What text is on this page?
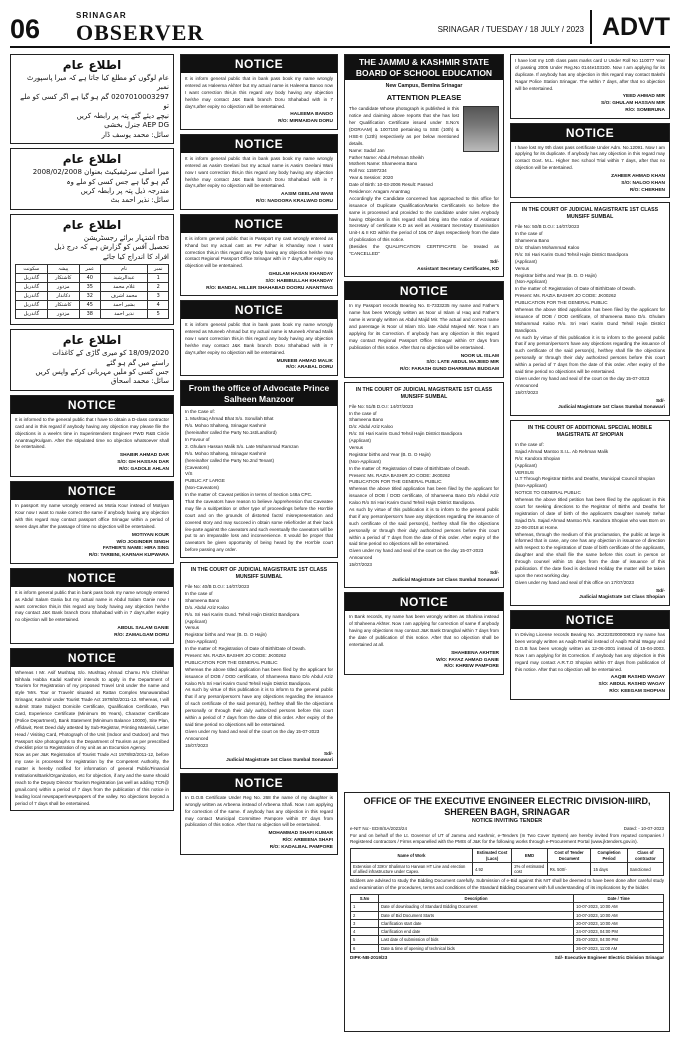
06	SRINAGAR
OBSERVER	SRINAGAR / TUESDAY / 18 JULY / 2023 ADVT
اطلاع عام
عام لوگوں کو مطلع کیا جاتا ہے کہ میرا پاسپورٹ نمبر
0207010003297 گم ہو گیا ہے اگر کسی کو ملے تو
نیچے دیئے گئے پتہ پر رابطہ کریں
AEP DG جنرل بخشی
سائل: محمد یوسف ڈار
اطلاع عام
میرا اصلی سرٹیفیکیٹ بعنوان 2008/02/2008
گم ہو گیا ہے جس کسی کو ملے وہ
مندرجہ ذیل پتہ پر رابطہ کریں
سائل: نذیر احمد بٹ
اطلاع عام
rba اشتہار برائے رجسٹریشن
تحصیل آفس کو گزارش ہے کہ درج ذیل
افراد کا اندراج کیا جائے
نمبر	نام	عمر	پیشہ	سکونت
1	عبدالرشید	40	کاشتکار	گاندربل
2	غلام محمد	35	مزدور	گاندربل
3	محمد اشرف	32	دکاندار	گاندربل
4	بشیر احمد	45	کاشتکار	گاندربل
5	نذیر احمد	38	مزدور	گاندربل
اطلاع عام
18/09/2020 کو میری گاڑی کے کاغذات
راستے میں گم ہو گئے
جس کسی کو ملیں مہربانی کرکے واپس کریں
سائل: محمد اسحاق
NOTICE
It is informed to the general public that I have to obtain a D-class contractor card and in this regard if anybody having any objection may please file the objections in a week's time in Superintendent Engineer PWD R&B Circle Anantnag/Kulgam. After the stipulated time no objection whatsoever shall be entertained.
SHABIR AHMAD DAR
S/O: GH HASSAN DAR
R/O: GADOLE AHLAN
NOTICE
In passport my name wrongly entered as Motia Kour instead of Motiyan Kour now I want to make correct the same if anybody having any objection with this regard may contact passport office Srinagar within a period of seven days after the passage of time no objection will be entertained.
MOTIYAN KOUR
W/O JOGINDER SINGH
FATHER'S NAME: HIRA SING
R/O: TARBINI, KARNAH KUPWARA
NOTICE
It is inform general public that in bank pass book my name wrongly entered as Abdul Salam Gania but my actual name is Abdul Salam Ganie now I want correction this,in this regard any body having any objection he/she may contact J&K Bank branch Doru Shahabad with in 7 day's,after expiry no objection will be entertained.
ABDUL SALAM GANIE
R/O: ZAMALGAM DORU
NOTICE
Whereas I Mr. Asif Mushtaq S/o. Mushtaq Ahmad Charnu R/o Chirkhar Bihhala Habba Kadal Kashmir intends to apply in the Department of Tourism for Registration of my proposed Travel Unit under the name and style 'Mrs. Tour or Travels' situated at Rattan Complex Munawarabad Srinagar, Kashmir under Tourist Trade Act 1978/82/2011-12. Whereas, I will submit State Subject Domicile Certificate, Qualification Certificate, Pan Card, Experience Certificate (Minimum 06 Years), Character Certificate (Police Department), Bank Statement (Minimum Balance 10000), Site Plan, Affidavit, Rent Deed duly attested by Sub-Registrar, Printing Material, Letter Head / Visiting Card, Photograph of the Unit (Indoor and Outdoor) and Two Passport size photographs to the Department of Tourism as per prescribed checklist prior to Registration of my unit as an Excursion Agency.
Now as per J&K Registration of Tourist Trade Act 1978/82/2011-12, before my case is processed for registration by the Competent Authority, the matter is hereby notified for information of general Public/Financial Institutions/Bank/Organization, etc for objection, if any and the same should reach to the Deputy Director Tourism Registration (as well as adding TCR@ gmail.com) within a period of 7 days from the publication of this notice in leading local newspaper/newspapers of the valley. No objections beyond a period of 7 days shall be entertained.
NOTICE
It is inform general public that in bank pass book my name wrongly entered as Haleema Akhter but my actual name is Haleema Banoo now I want correction this,in this regard any body having any objection he/she may contact J&K Bank branch Doru Shahabad with in 7 day's,after expiry no objection will be entertained.
HALEEMA BANOO
R/O: MIRMAIDAN DORU
NOTICE
It is inform general public that in bank pass book my name wrongly entered as Aasim Geelani but my actual name is Aasim Geelani Wani now I want correction this,in this regard any body having any objection he/she may contact J&K Bank branch Doru Shahabad with in 7 day's,after expiry no objection will be entertained.
AASIM GEELANI WANI
R/O: NADOORA KRALWAD DORU
NOTICE
It is inform general public that in Passport my cast wrongly entered as Khand but my actual cast as Per Adhar is Khanday now I want correction this,in this regard any body having any objection he/she may contact Regional Passport Office Srinagar with in 7 day's,after expiry no objection will be entertained.
GHULAM HASAN KHANDAY
S/O: HABIBULLAH KHANDAY
R/O: BANDAL HILLER SHAHABAD DOORU ANANTNAG
NOTICE
It is inform general public that in bank pass book my name wrongly entered as Muneeb Ahmad but my actual name is Muneeb Ahmad Malik now I want correction this,in this regard any body having any objection he/she may contact J&K Bank branch Doru Shahabad with in 7 day's,after expiry no objection will be entertained.
MUNEEB AHMAD MALIK
R/O: ARABAL DORU
From the office of Advocate Prince Salheen Manzoor
In the Case of:
1. Mushtaq Ahmad Bhat S/o. Sonullah Bhat
R/o. Mohoo Shalteng, Srinagar Kashmir
(hereinafter called the Party No.1st/Landlord)
In Favour of
2. Ghulam Hassan Malik S/o. Late Mohammad Ramzan
R/o. Mohoo Shalteng, Srinagar Kashmir
(hereinafter called the Party No.2nd Tenant)
(Caveators)
V/S
PUBLIC AT LARGE
(Non-Caveators)
In the matter of: Caveat petition in terms of Section 148a CPC.
That the caveators have reason to believe /apprehension that Caveatee may file a suit/petition or other type of proceedings before the Hon'ble court and on the grounds of distorted facts/ misrepresentation and covered story and may succeed in obtain some relief/order at their back /ex-parte against the caveators and such eventually the caveators will be put to an irreparable loss and inconvenience. It would be proper that caveators be given opportunity of being heard by the Hon'ble court before passing any order.
IN THE COURT OF JUDICIAL MAGISTRATE 1ST CLASS MUNSIFF SUMBAL
File No: 40/B D.O.I: 14/07/2023
In the case of
Shameena Bano
D/o. Abdul Aziz Kaloo
R/o. Sri Hari Karim Gund. Tehsil Hajin District Bandipora
(Applicant)
Versus
Registrar births and Year (B. D. O Hajin)
(Non-Applicant)
In the matter of: Registration of Date of Birth/Date of Death.
Present: Ms. RAZIA BASHIR JO CODE: JK00262
PUBLICATION FOR THE GENERAL PUBLIC
Whereas the above titled application has been filed by the applicant for issuance of DOB / DOD certificate, of Shameena Bano D/o Abdul Aziz Kaloo R/o Sri Hari Karim Gund Tehsil Hajin District Bandipora.
As such by virtue of this publication it is to inform to the general public that if any person/person's have any objections regarding the issuance of such certificate of the said person(s), he/they shall file the objections personally or through their duly authorized persons before this court within a period of 7 days from the date of this order. After expiry of the said time period no objections will be entertained.
Given under my hand and seal of the court on the day 15-07-2023
Announced
15/07/2023
Sd/-
Judicial Magistrate 1st Class Sumbal Sonawari
NOTICE
In D.O.B Certificate Under Reg No. 268 the name of my daughter is wrongly written as Arbeena instead of Arbeena Shafi. Now I am applying for correction of the same. If anybody has any objection in this regard may contact Municipal Committee Pampore within 07 days from publication of this notice. After that no objection will be entertained.
MOHAMMAD SHAFI KUMAR
R/O: ARBEENA SHAFI
R/O: KADALBAL PAMPORE
THE JAMMU & KASHMIR STATE BOARD OF SCHOOL EDUCATION
New Campus, Bemina Srinagar
ATTENTION PLEASE
The candidate Whose photograph is published in this notice and claiming above reports that she has lost her Qualification Certificate issued under S.No's (DGRAAM) & 1007150 pertaining to SSE (10th) & HSE-II (12th) respectively as per below mentioned details.
Name: Sadaf Jan
Father Name: Abdul Rehman Sheikh
Mothers Name: Shameema Bano
Roll No: 11597234
Year & Session: 2020
Date of Birth: 10-03-2006 Result: Passed
Residence: Aragam Anantnag
Accordingly the Candidate concerned has approached to this office for issuance of Duplicate Qualification/Marks Certificate/s so before the same is processed and provided to the candidate under rules Anybody having Objection in this regard shall bring into the notice of Assistant Secretary of certificate K.D as well as Assistant Secretary Examination Unit-I & II KD within the period of 10& 07 days respectively from the date of publication of this notice.
(Besides the QUALIFICATION CERTIFICATE be treated as "CANCELLED"
Sd/-
Assistant Secretary Certificates, KD
NOTICE
In my Passport records Bearing No. E-7333235 my name and Father's name has been Wrongly written as Noor ul Islam ul Haq and Father's name is wrongly written as Abdul Majid Mir. The actual and correct name and parentage is Noor ul Islam S/o. late Abdul Majeed Mir. Now I am applying for its Correction. If anybody has any objection in this regard may contact Regional Passport Office Srinagar within 07 days from publication of this notice. After that no objection will be entertained.
NOOR UL ISLAM
S/O: LATE ABDUL MAJEED MIR
R/O: FARASH GUND DHARMUNA BUDGAM
IN THE COURT OF JUDICIAL MAGISTRATE 1ST CLASS MUNSIFF SUMBAL
File No: 51/B D.O.I: 14/07/2023
In the case of
Shameena Bano
D/o: Abdul Aziz Kaloo
R/o: Sri Hari Karim Gund Tehsil Hajin District Bandipora
(Applicant)
Versus
Registrar births and Year (B. D. O Hajin)
(Non-Applicant)
In the matter of: Registration of Date of Birth/Date of Death.
Present: Ms. RAZIA BASHIR JO CODE: JK00262
PUBLICATION FOR THE GENERAL PUBLIC
Whereas the above titled application has been filed by the applicant for issuance of DOB / DOD certificate, of Shameena Bano D/o Abdul Aziz Kaloo R/o Sri Hari Karim Gund Tehsil Hajin District Bandipora.
As such by virtue of this publication it is to inform to the general public that if any person/person's have any objections regarding the issuance of such certificate of the said person(s), he/they shall file the objections personally or through their duly authorized persons before this court within a period of 7 days from the date of this order. After expiry of the said time period no objections will be entertained.
Given under my hand and seal of the court on the day 15-07-2023
Announced
15/07/2023
Sd/-
Judicial Magistrate 1st Class Sumbal Sonawari
NOTICE
In Bank records, my name has been wrongly written as Shahina instead of Shaheena Akhter. Now I am applying for correction of same If anybody having any objections may contact J&K Bank Drangbal within 7 days from the date of publication of this notice. After that no objection shall be entertained at all.
SHAHEENA AKHTER
W/O: FAYAZ AHMAD GANIE
R/O: KHREW PAMPORE
I have lost my 10th class pass marks card U Under Roll No 110077 Year of passing 2005 Under Reg.No 0144e103100. Now I am applying for its duplicate. If anybody has any objection in this regard may contact Bakshi Nagar Police Station Srinagar. The within 7 days, after that no objection will be entertained.
YEED AHMAD MIR
S/O: GHULAM HASSAN MIR
R/O: SOMBRUNA
NOTICE
I have lost my 9th class pass certificate Under Adm. No.12091. Now I am applying for its duplicate. If anybody has any objection in this regard may contact Govt. M.L. Higher Sec school Trial within 7 days, after that no objection will be entertained.
ZAHEER AHMAD KHAN
S/O: NALOO KHAN
R/O: CHERHEN
IN THE COURT OF JUDICIAL MAGISTRATE 1ST CLASS MUNSIFF SUMBAL
File No: 50/B D.O.I: 14/07/2023
In the case of
Shameena Bano
D/o: Ghulam Mohammad Kaloo
R/o: Sri Hari Karim Gund Tehsil Hajin District Bandipora
(Applicant)
Versus
Registrar births and Year (B. D. O Hajin)
(Non-Applicant)
In the matter of: Registration of Date of Birth/Date of Death.
Present: Ms. RAZIA BASHIR JO CODE: JK00262
PUBLICATION FOR THE GENERAL PUBLIC
Whereas the above titled application has been filed by the applicant for issuance of DOB / DOD certificate, of Shameena Bano D/o. Ghulam Mohammad Kaloo R/o. Sri Hari Karim Gund Tehsil Hajin District Bandipora.
As such by virtue of this publication it is to inform to the general public that if any person/person's have any objections regarding the issuance of such certificate of the said person(s), he/they shall file the objections personally or through their duly authorized persons before this court within a period of 7 days from the date of this order. After expiry of the said time period no objections will be entertained.
Given under my hand and seal of the court on the day 15-07-2023
Announced
15/07/2023
Sd/-
Judicial Magistrate 1st Class Sumbal Sonawari
IN THE COURT OF ADDITIONAL SPECIAL MOBILE MAGISTRATE AT SHOPIAN
In the case of:
Sajad Ahmad Mantoo S.I.L. Ab Rehman Malik
R/o: Kandora Shopian
(Applicant)
VERSUS
U.T Through Registrar Births and Deaths, Municipal Council Shopian
(Non-Applicant)
NOTICE TO GENERAL PUBLIC
Whereas the above titled petition has been filed by the applicant in this court for seeking directions to the Registrar of Births and Deaths for registration of date of birth of the applicant's Daughter namely Sehar Sajad D/o. Sajad Ahmad Mantoo R/o. Kandora Shopian who was Born on 22-06-2018 at Home.
Whereas, through the medium of this proclamation, the public at large is informed that in case, any one has any objection in issuance of direction with respect to the registration of Date of birth certificate of the applicants, daughter and she shall file the same before this court in person or through counsel within 15 days from the date of issuance of this publication. If the date fixed is declared Holiday the matter will be taken upon the next working day.
Given under my hand and seal of this office on 17/07/2023
Sd/-
Judicial Magistrate 1st Class Shopian
NOTICE
In Driving License records Bearing No. JK2220200000923 my name has been wrongly written as Aaqib Rashid instead of Aaqib Rahid Wagay and D.O.B has been wrongly written as 12-06-2001 instead of 15-04-2003. Now I am applying for its Correction. If anybody has any objection in this regard may contact A.R.T.O Shopian within 07 days from publication of this notice. After that no objection will be entertained.
AAQIB RASHID WAGAY
S/O: ABDUL RASHID WAGAY
R/O: KEEGAM SHOPIAN
OFFICE OF THE EXECUTIVE ENGINEER ELECTRIC DIVISION-IIIRD, SHEREEN BAGH, SRINAGAR
NOTICE INVITING TENDER
e-NIT No:- EDIII/SA/2023/24	Dated: - 10-07-2023
For and on behalf of the Lt. Governor of UT of Jammu and Kashmir, e-Tenders (In Two Cover System) are hereby invited from reputed companies / Registered contractors / Firms empanelled with the PMIS of J&K for the following works through e-Procurement Portal (www.jktenders.gov.in).
Name of Work	Estimated Cost (Lacs)	EMD	Cost of Tender Document	Completion Period	Class of contractor
Extension of 33KV Shalimar to Harwan HT Line and erection of allied infrastructure under Capex.	4.92	2% of estimated cost	Rs. 500/-	15 days	Sanctioned
Bidders are advised to study the Bidding Document carefully. Submission of e-Bid against this NIT shall be deemed to have been done after careful study and examination of the procedures, terms and conditions of the Standard Bidding Document with full understanding of its implications by the bidder.
S.No	Description	Date / Time
1	Date of downloading of Standard Bidding Document	10-07-2023, 10:00 AM
2	Date of Bid Document Starts	10-07-2023, 10:00 AM
3	Clarification start date	20-07-2023, 10:00 AM
4	Clarification end date	24-07-2023, 04:00 PM
5	Last date of submission of bids	25-07-2023, 04:00 PM
6	Date & time of opening of technical bids	26-07-2023, 11:00 AM
DIPK-NB-2019/23	Sd/- Executive Engineer Electric Division Srinagar
